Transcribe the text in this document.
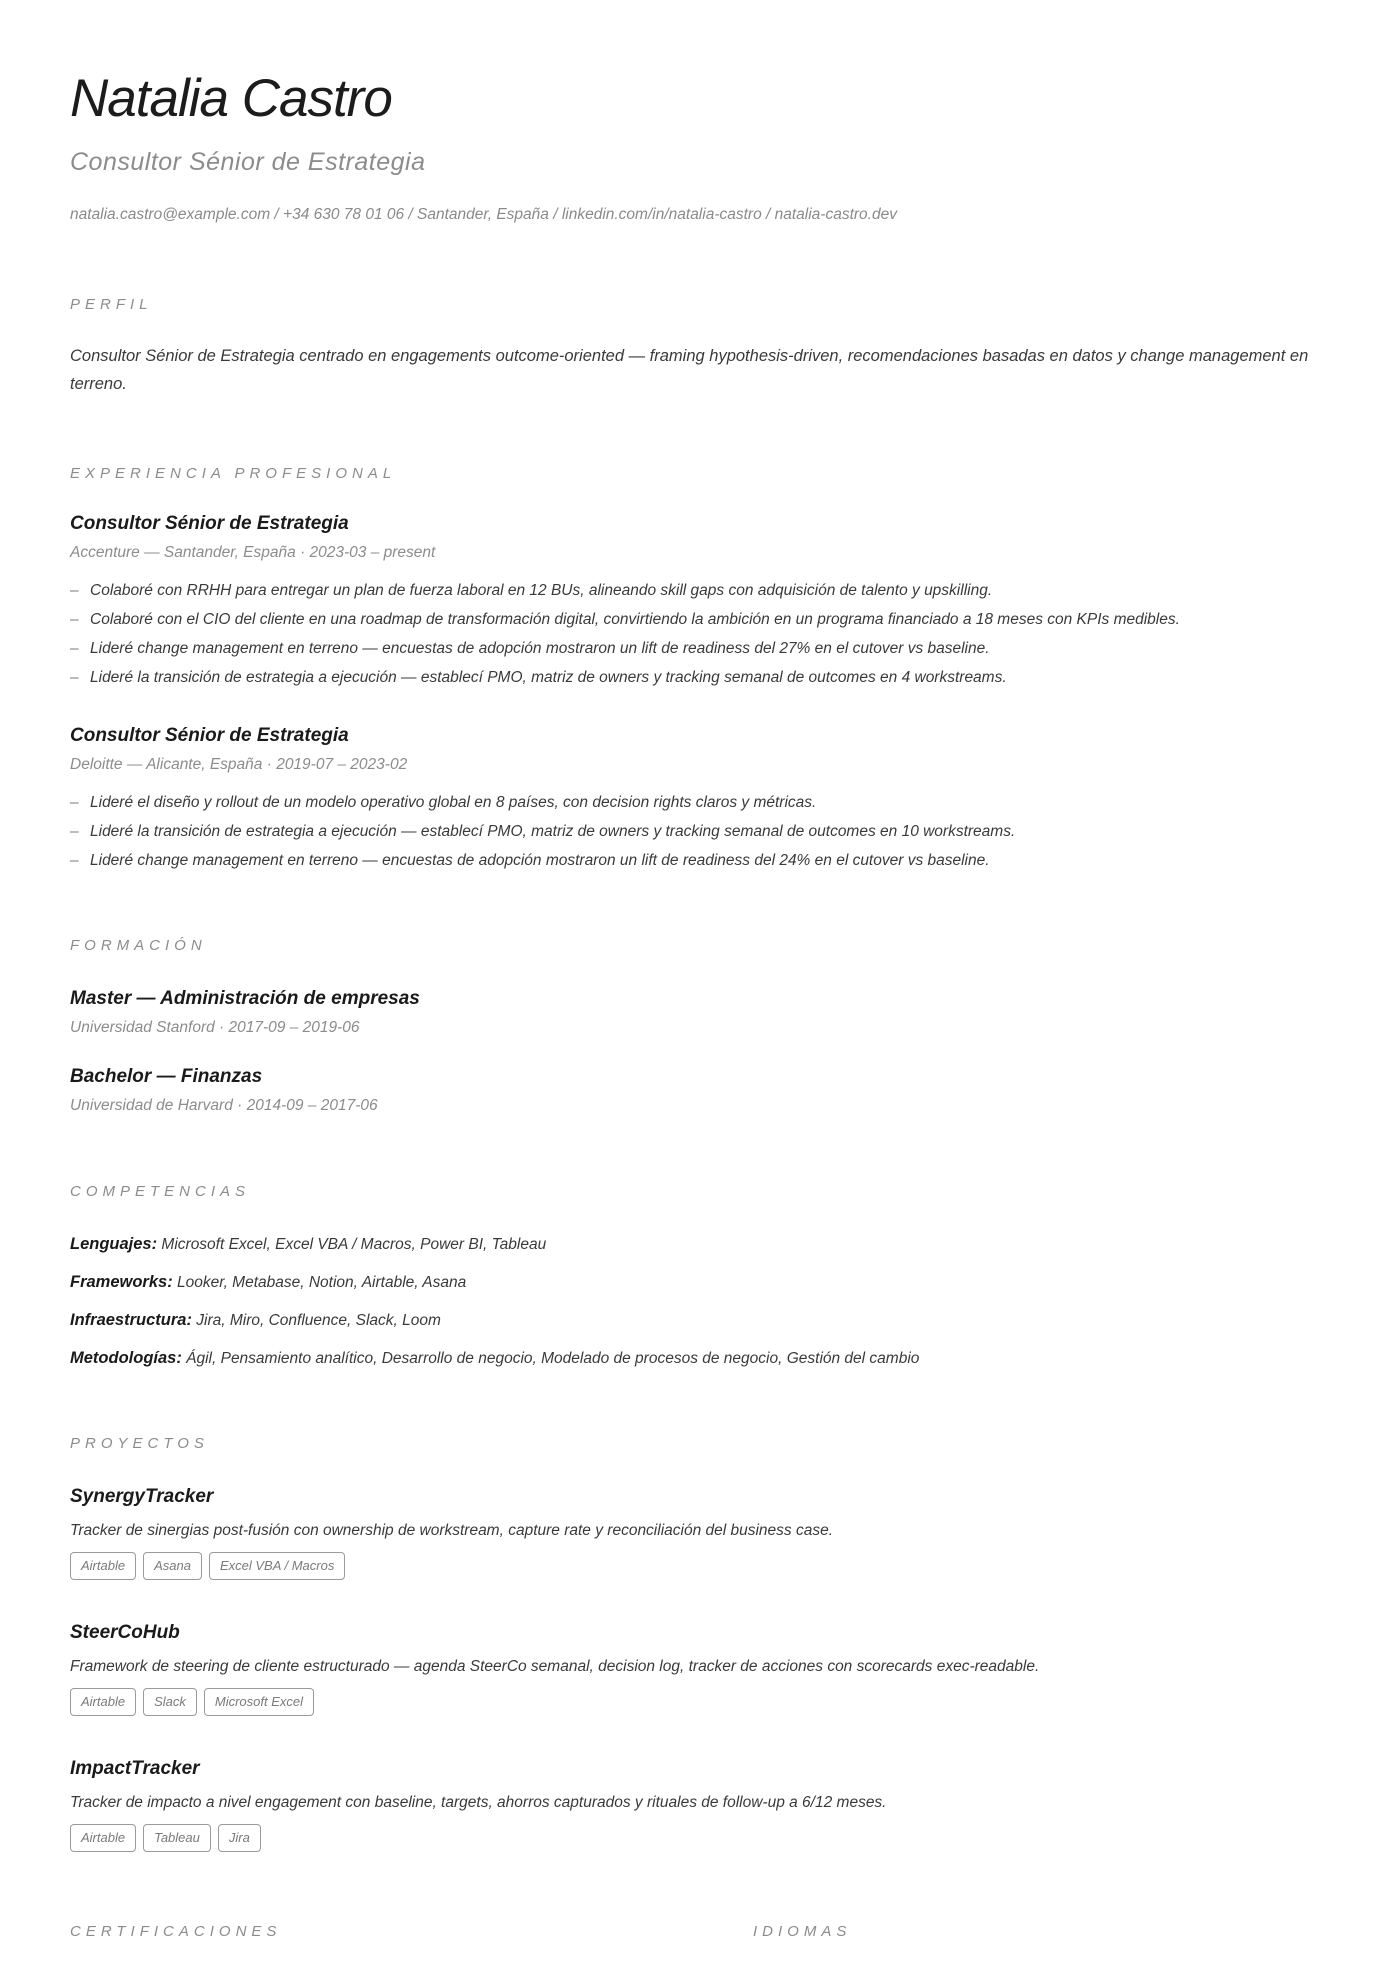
Natalia Castro
Consultor Sénior de Estrategia
natalia.castro@example.com / +34 630 78 01 06 / Santander, España / linkedin.com/in/natalia-castro / natalia-castro.dev
PERFIL
Consultor Sénior de Estrategia centrado en engagements outcome-oriented — framing hypothesis-driven, recomendaciones basadas en datos y change management en terreno.
EXPERIENCIA PROFESIONAL
Consultor Sénior de Estrategia
Accenture — Santander, España · 2023-03 – present
– Colaboré con RRHH para entregar un plan de fuerza laboral en 12 BUs, alineando skill gaps con adquisición de talento y upskilling.
– Colaboré con el CIO del cliente en una roadmap de transformación digital, convirtiendo la ambición en un programa financiado a 18 meses con KPIs medibles.
– Lideré change management en terreno — encuestas de adopción mostraron un lift de readiness del 27% en el cutover vs baseline.
– Lideré la transición de estrategia a ejecución — establecí PMO, matriz de owners y tracking semanal de outcomes en 4 workstreams.
Consultor Sénior de Estrategia
Deloitte — Alicante, España · 2019-07 – 2023-02
– Lideré el diseño y rollout de un modelo operativo global en 8 países, con decision rights claros y métricas.
– Lideré la transición de estrategia a ejecución — establecí PMO, matriz de owners y tracking semanal de outcomes en 10 workstreams.
– Lideré change management en terreno — encuestas de adopción mostraron un lift de readiness del 24% en el cutover vs baseline.
FORMACIÓN
Master — Administración de empresas
Universidad Stanford · 2017-09 – 2019-06
Bachelor — Finanzas
Universidad de Harvard · 2014-09 – 2017-06
COMPETENCIAS
Lenguajes: Microsoft Excel, Excel VBA / Macros, Power BI, Tableau
Frameworks: Looker, Metabase, Notion, Airtable, Asana
Infraestructura: Jira, Miro, Confluence, Slack, Loom
Metodologías: Ágil, Pensamiento analítico, Desarrollo de negocio, Modelado de procesos de negocio, Gestión del cambio
PROYECTOS
SynergyTracker
Tracker de sinergias post-fusión con ownership de workstream, capture rate y reconciliación del business case.
Airtable	Asana	Excel VBA / Macros
SteerCoHub
Framework de steering de cliente estructurado — agenda SteerCo semanal, decision log, tracker de acciones con scorecards exec-readable.
Airtable	Slack	Microsoft Excel
ImpactTracker
Tracker de impacto a nivel engagement con baseline, targets, ahorros capturados y rituales de follow-up a 6/12 meses.
Airtable	Tableau	Jira
CERTIFICACIONES	IDIOMAS
